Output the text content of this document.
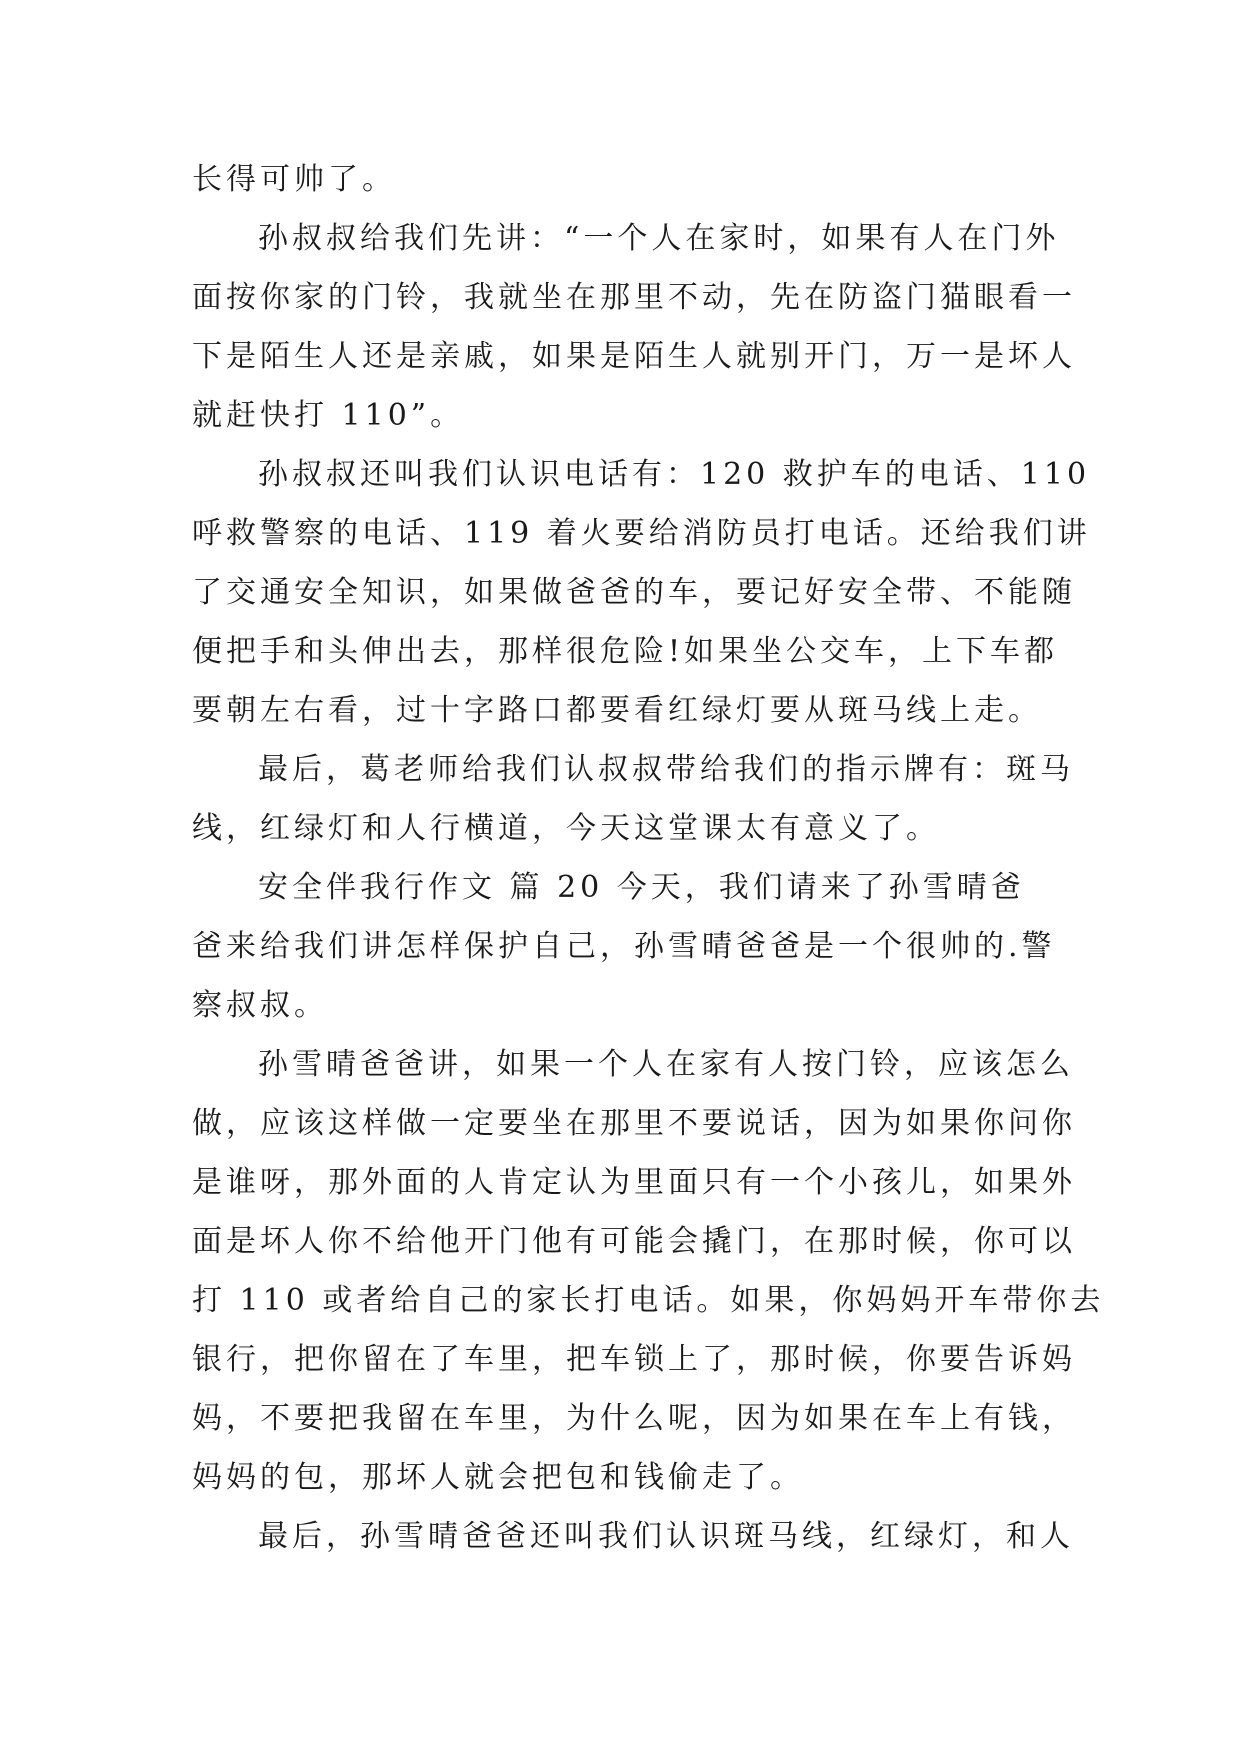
长得可帅了。
孙叔叔给我们先讲：“一个人在家时，如果有人在门外
面按你家的门铃，我就坐在那里不动，先在防盗门猫眼看一
下是陌生人还是亲戚，如果是陌生人就别开门，万一是坏人
就赶快打 110”。
孙叔叔还叫我们认识电话有：120 救护车的电话、110
呼救警察的电话、119 着火要给消防员打电话。还给我们讲
了交通安全知识，如果做爸爸的车，要记好安全带、不能随
便把手和头伸出去，那样很危险!如果坐公交车，上下车都
要朝左右看，过十字路口都要看红绿灯要从斑马线上走。
最后，葛老师给我们认叔叔带给我们的指示牌有：斑马
线，红绿灯和人行横道，今天这堂课太有意义了。
安全伴我行作文 篇 20 今天，我们请来了孙雪晴爸
爸来给我们讲怎样保护自己，孙雪晴爸爸是一个很帅的.警
察叔叔。
孙雪晴爸爸讲，如果一个人在家有人按门铃，应该怎么
做，应该这样做一定要坐在那里不要说话，因为如果你问你
是谁呀，那外面的人肯定认为里面只有一个小孩儿，如果外
面是坏人你不给他开门他有可能会撬门，在那时候，你可以
打 110 或者给自己的家长打电话。如果，你妈妈开车带你去
银行，把你留在了车里，把车锁上了，那时候，你要告诉妈
妈，不要把我留在车里，为什么呢，因为如果在车上有钱，
妈妈的包，那坏人就会把包和钱偷走了。
最后，孙雪晴爸爸还叫我们认识斑马线，红绿灯，和人
